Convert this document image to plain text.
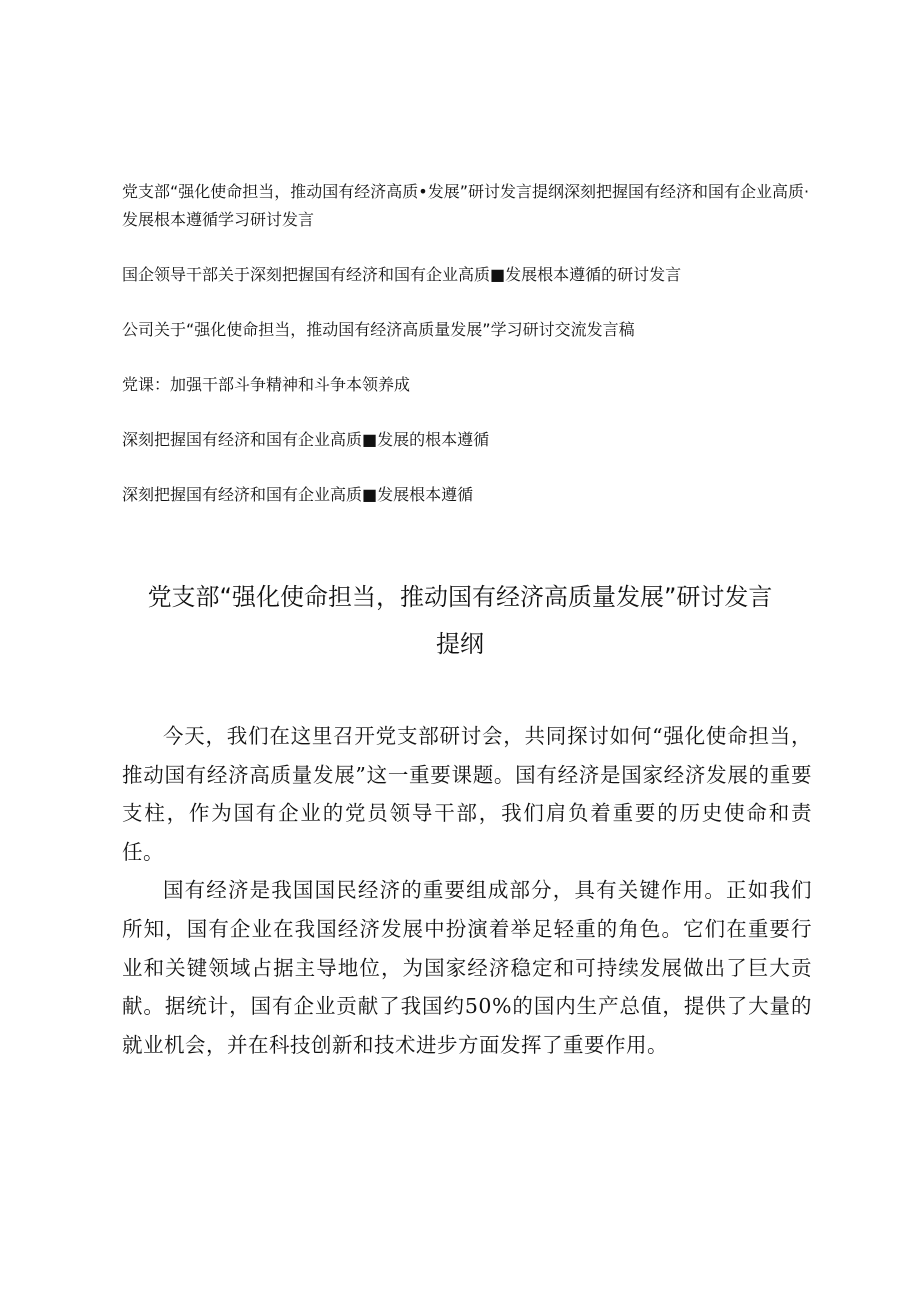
党支部“强化使命担当，推动国有经济高质•发展”研讨发言提纲深刻把握国有经济和国有企业高质·发展根本遵循学习研讨发言
国企领导干部关于深刻把握国有经济和国有企业高质■发展根本遵循的研讨发言
公司关于“强化使命担当，推动国有经济高质量发展”学习研讨交流发言稿
党课：加强干部斗争精神和斗争本领养成
深刻把握国有经济和国有企业高质■发展的根本遵循
深刻把握国有经济和国有企业高质■发展根本遵循
党支部“强化使命担当，推动国有经济高质量发展”研讨发言提纲

今天，我们在这里召开党支部研讨会，共同探讨如何“强化使命担当，推动国有经济高质量发展”这一重要课题。国有经济是国家经济发展的重要支柱，作为国有企业的党员领导干部，我们肩负着重要的历史使命和责任。

国有经济是我国国民经济的重要组成部分，具有关键作用。正如我们所知，国有企业在我国经济发展中扮演着举足轻重的角色。它们在重要行业和关键领域占据主导地位，为国家经济稳定和可持续发展做出了巨大贡献。据统计，国有企业贡献了我国约50%的国内生产总值，提供了大量的就业机会，并在科技创新和技术进步方面发挥了重要作用。
